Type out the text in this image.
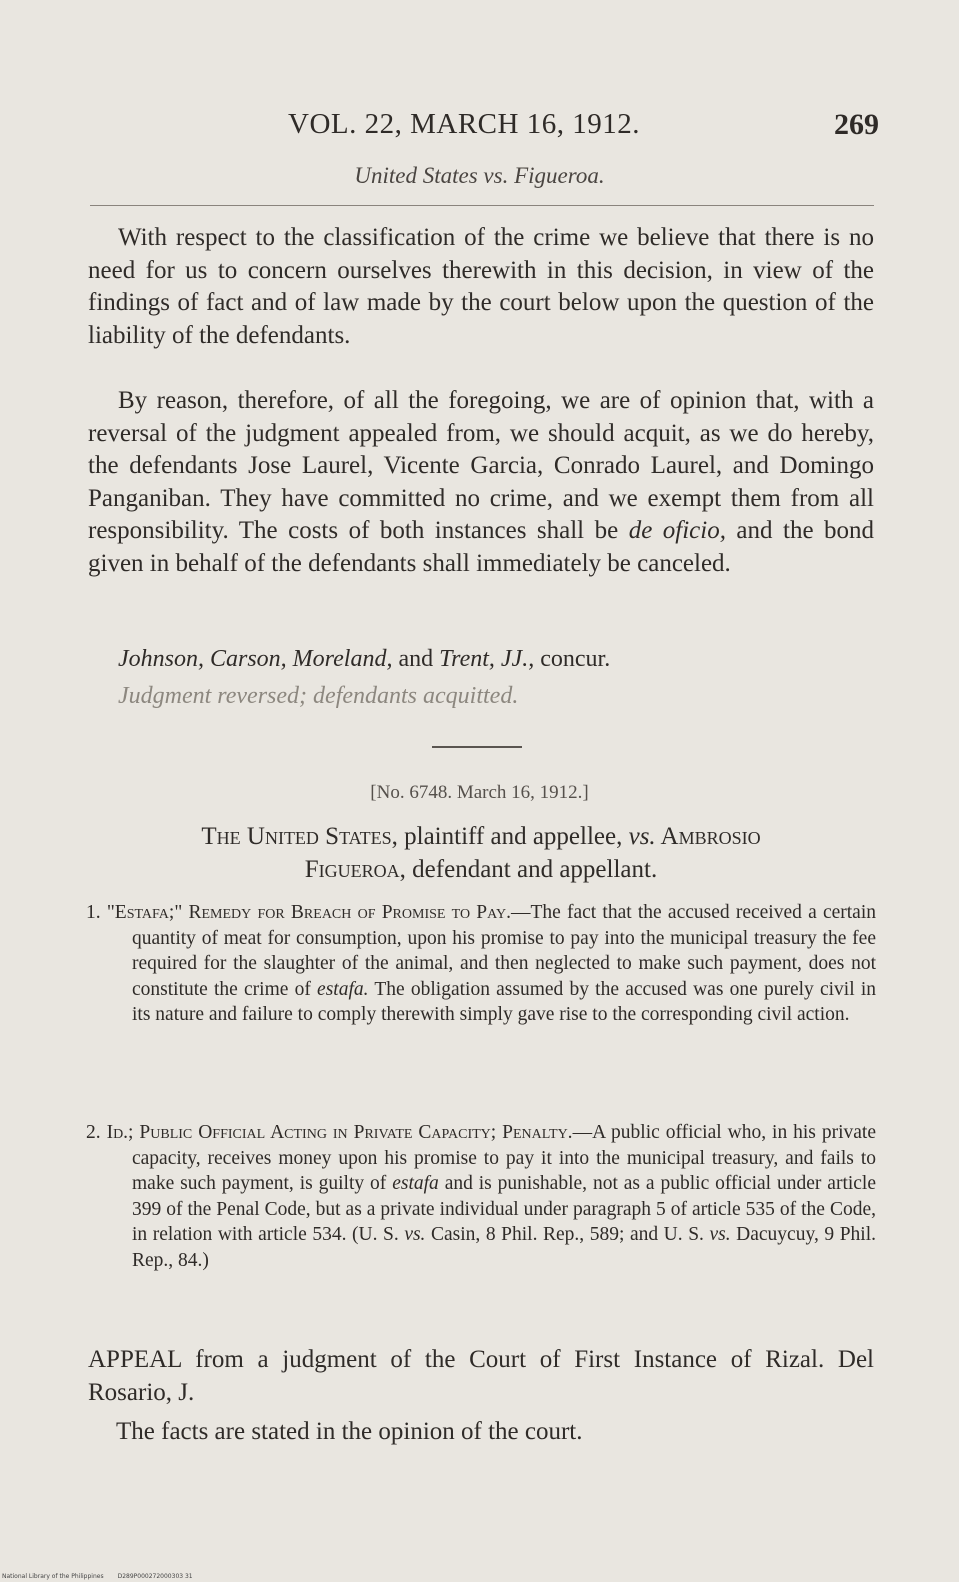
VOL. 22, MARCH 16, 1912.	269
United States vs. Figueroa.
With respect to the classification of the crime we believe that there is no need for us to concern ourselves therewith in this decision, in view of the findings of fact and of law made by the court below upon the question of the liability of the defendants.
By reason, therefore, of all the foregoing, we are of opinion that, with a reversal of the judgment appealed from, we should acquit, as we do hereby, the defendants Jose Laurel, Vicente Garcia, Conrado Laurel, and Domingo Panganiban. They have committed no crime, and we exempt them from all responsibility. The costs of both instances shall be de oficio, and the bond given in behalf of the defendants shall immediately be canceled.
Johnson, Carson, Moreland, and Trent, JJ., concur.
Judgment reversed; defendants acquitted.
[No. 6748. March 16, 1912.]
The United States, plaintiff and appellee, vs. Ambrosio
Figueroa, defendant and appellant.
1. "Estafa;" Remedy for Breach of Promise to Pay.—The fact that the accused received a certain quantity of meat for consumption, upon his promise to pay into the municipal treasury the fee required for the slaughter of the animal, and then neglected to make such payment, does not constitute the crime of estafa. The obligation assumed by the accused was one purely civil in its nature and failure to comply therewith simply gave rise to the corresponding civil action.
2. Id.; Public Official Acting in Private Capacity; Penalty.—A public official who, in his private capacity, receives money upon his promise to pay it into the municipal treasury, and fails to make such payment, is guilty of estafa and is punishable, not as a public official under article 399 of the Penal Code, but as a private individual under paragraph 5 of article 535 of the Code, in relation with article 534. (U. S. vs. Casin, 8 Phil. Rep., 589; and U. S. vs. Dacuycuy, 9 Phil. Rep., 84.)
APPEAL from a judgment of the Court of First Instance of Rizal. Del Rosario, J.
The facts are stated in the opinion of the court.
National Library of the Philippines D289P000272000303 31
